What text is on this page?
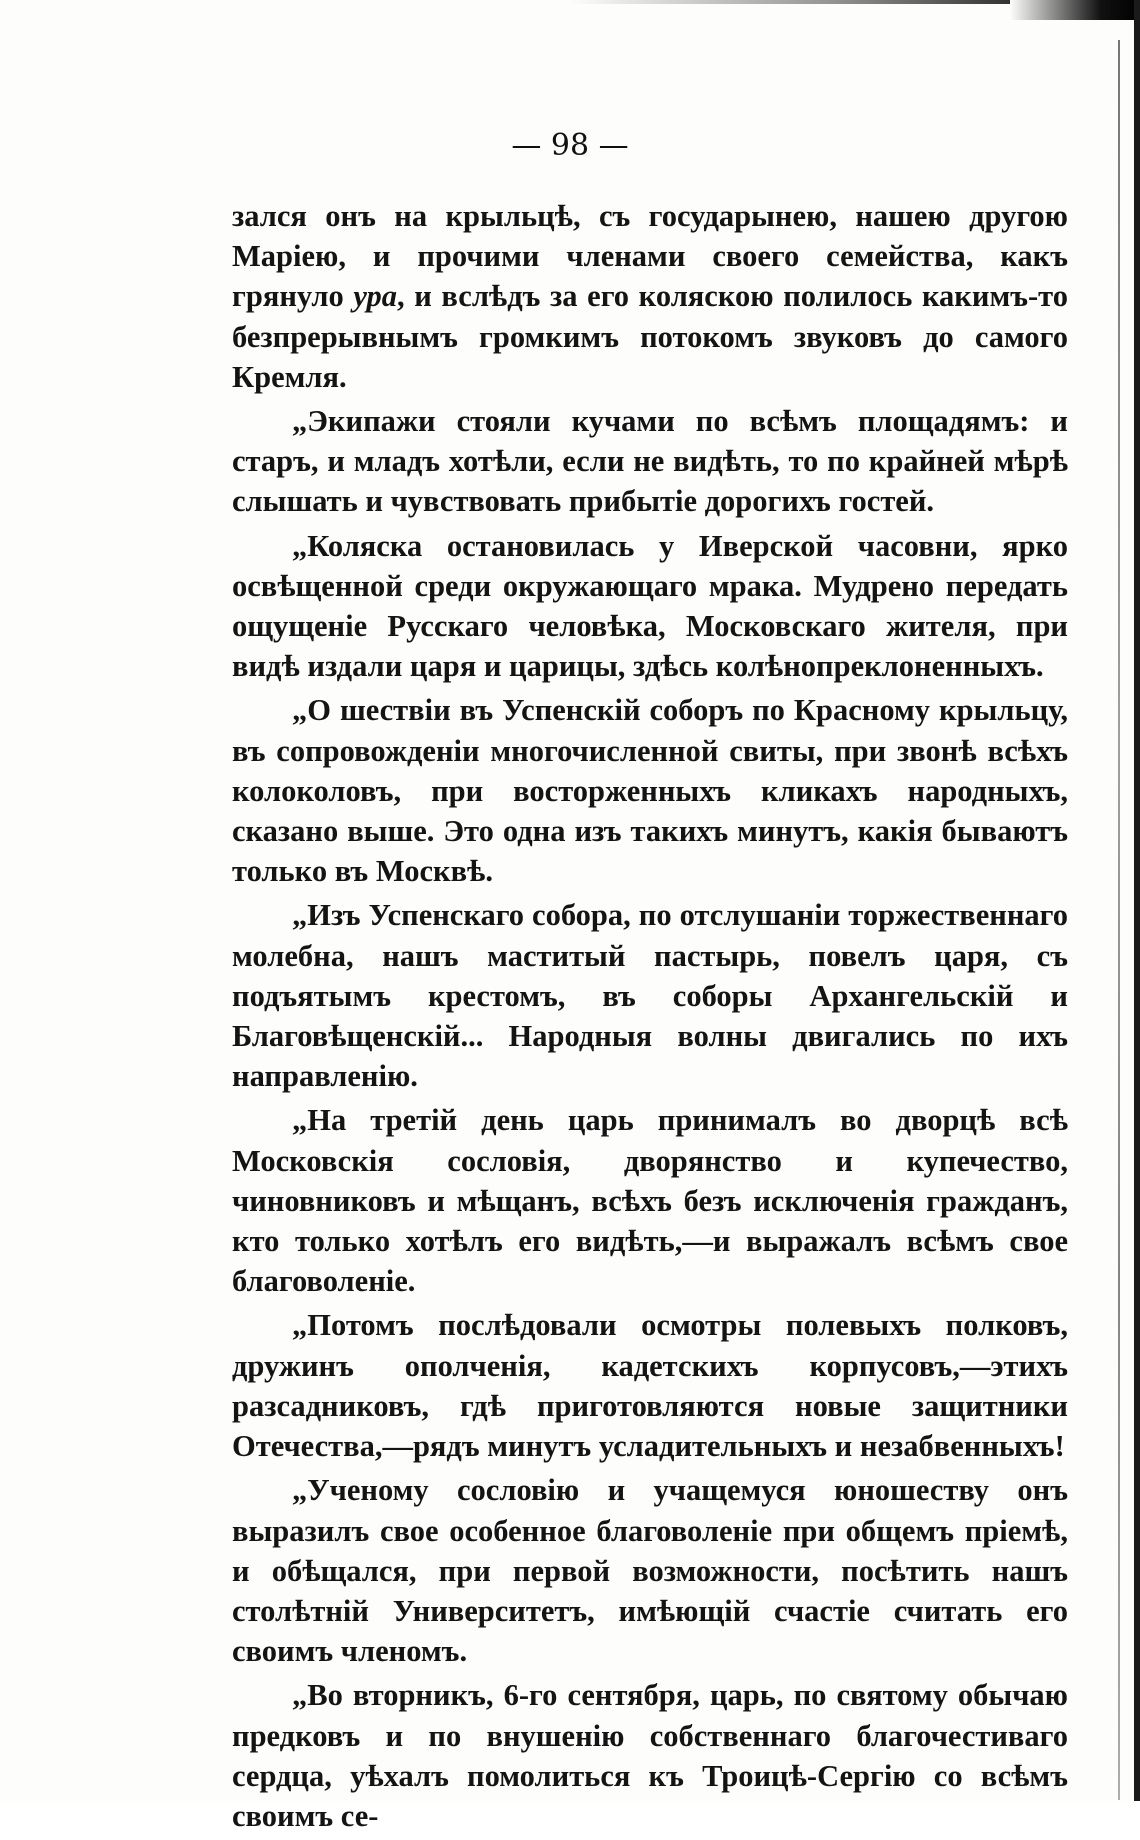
— 98 —

зался онъ на крыльцѣ, съ государынею, нашею другою Маріею, и прочими членами своего семейства, какъ грянуло ура, и вслѣдъ за его коляскою полилось какимъ-то безпрерывнымъ громкимъ потокомъ звуковъ до самого Кремля.

„Экипажи стояли кучами по всѣмъ площадямъ: и старъ, и младъ хотѣли, если не видѣть, то по крайней мѣрѣ слышать и чувствовать прибытіе дорогихъ гостей.

„Коляска остановилась у Иверской часовни, ярко освѣщенной среди окружающаго мрака. Мудрено передать ощущеніе Русскаго человѣка, Московскаго жителя, при видѣ издали царя и царицы, здѣсь колѣнопреклоненныхъ.

„О шествіи въ Успенскій соборъ по Красному крыльцу, въ сопровожденіи многочисленной свиты, при звонѣ всѣхъ колоколовъ, при восторженныхъ кликахъ народныхъ, сказано выше. Это одна изъ такихъ минутъ, какія бываютъ только въ Москвѣ.

„Изъ Успенскаго собора, по отслушаніи торжественнаго молебна, нашъ маститый пастырь, повелъ царя, съ подъятымъ крестомъ, въ соборы Архангельскій и Благовѣщенскій... Народныя волны двигались по ихъ направленію.

„На третій день царь принималъ во дворцѣ всѣ Московскія сословія, дворянство и купечество, чиновниковъ и мѣщанъ, всѣхъ безъ исключенія гражданъ, кто только хотѣлъ его видѣть,—и выражалъ всѣмъ свое благоволеніе.

„Потомъ послѣдовали осмотры полевыхъ полковъ, дружинъ ополченія, кадетскихъ корпусовъ,—этихъ разсадниковъ, гдѣ приготовляются новые защитники Отечества,—рядъ минутъ усладительныхъ и незабвенныхъ!

„Ученому сословію и учащемуся юношеству онъ выразилъ свое особенное благоволеніе при общемъ пріемѣ, и обѣщался, при первой возможности, посѣтить нашъ столѣтній Университетъ, имѣющій счастіе считать его своимъ членомъ.

„Во вторникъ, 6-го сентября, царь, по святому обычаю предковъ и по внушенію собственнаго благочестиваго сердца, уѣхалъ помолиться къ Троицѣ-Сергію со всѣмъ своимъ се-
